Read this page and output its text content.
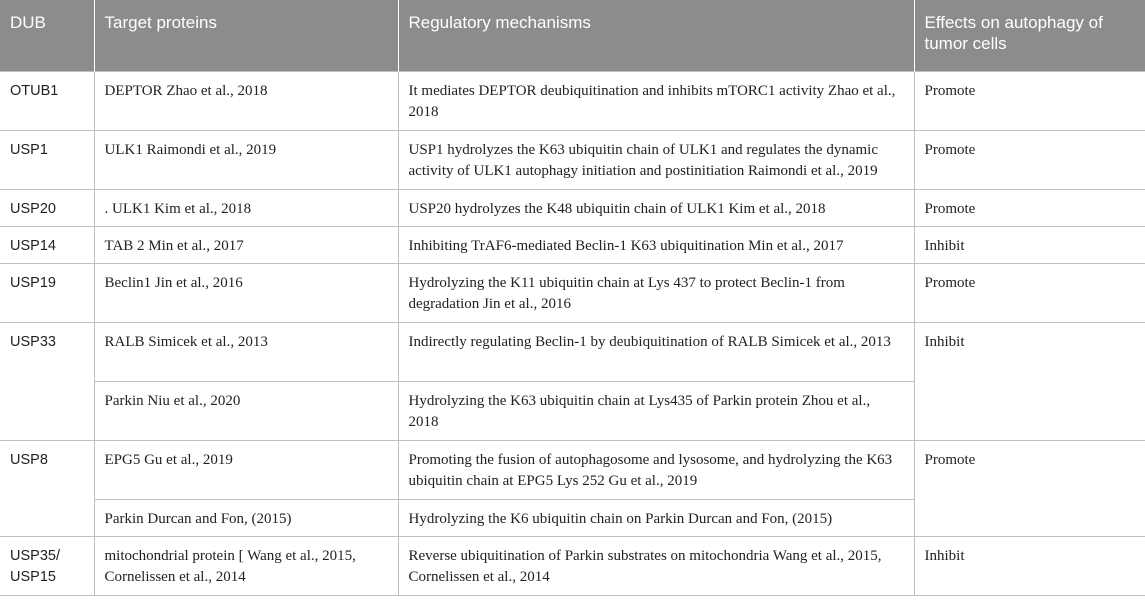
DUB	Target proteins	Regulatory mechanisms	Effects on autophagy of tumor cells
OTUB1	DEPTOR Zhao et al., 2018	It mediates DEPTOR deubiquitination and inhibits mTORC1 activity Zhao et al., 2018	Promote
USP1	ULK1 Raimondi et al., 2019	USP1 hydrolyzes the K63 ubiquitin chain of ULK1 and regulates the dynamic activity of ULK1 autophagy initiation and postinitiation Raimondi et al., 2019	Promote
USP20	. ULK1 Kim et al., 2018	USP20 hydrolyzes the K48 ubiquitin chain of ULK1 Kim et al., 2018	Promote
USP14	TAB 2 Min et al., 2017	Inhibiting TrAF6-mediated Beclin-1 K63 ubiquitination Min et al., 2017	Inhibit
USP19	Beclin1 Jin et al., 2016	Hydrolyzing the K11 ubiquitin chain at Lys 437 to protect Beclin-1 from degradation Jin et al., 2016	Promote
USP33	RALB Simicek et al., 2013	Indirectly regulating Beclin-1 by deubiquitination of RALB Simicek et al., 2013	Inhibit
	Parkin Niu et al., 2020	Hydrolyzing the K63 ubiquitin chain at Lys435 of Parkin protein Zhou et al., 2018	
USP8	EPG5 Gu et al., 2019	Promoting the fusion of autophagosome and lysosome, and hydrolyzing the K63 ubiquitin chain at EPG5 Lys 252 Gu et al., 2019	Promote
	Parkin Durcan and Fon, (2015)	Hydrolyzing the K6 ubiquitin chain on Parkin Durcan and Fon, (2015)	
USP35/ USP15	mitochondrial protein [ Wang et al., 2015, Cornelissen et al., 2014	Reverse ubiquitination of Parkin substrates on mitochondria Wang et al., 2015, Cornelissen et al., 2014	Inhibit
